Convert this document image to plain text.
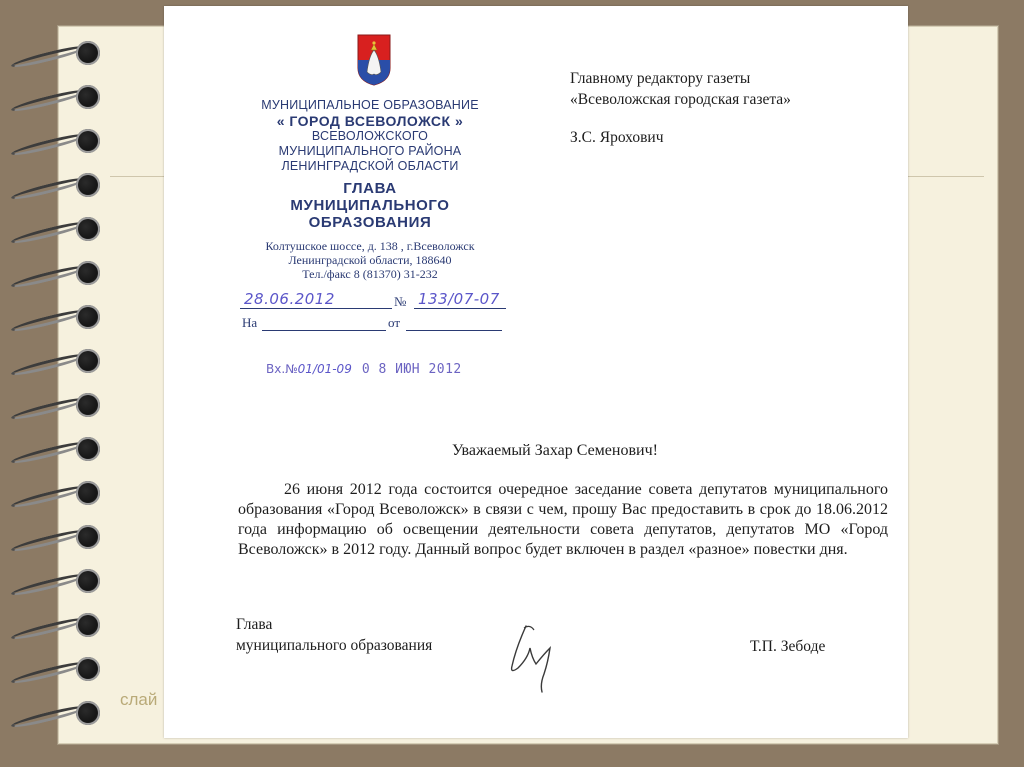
слай
МУНИЦИПАЛЬНОЕ ОБРАЗОВАНИЕ
« ГОРОД ВСЕВОЛОЖСК »
ВСЕВОЛОЖСКОГО
МУНИЦИПАЛЬНОГО РАЙОНА
ЛЕНИНГРАДСКОЙ ОБЛАСТИ
ГЛАВА
МУНИЦИПАЛЬНОГО
ОБРАЗОВАНИЯ
Колтушское шоссе, д. 138 , г.Всеволожск
Ленинградской области, 188640
Тел./факс 8 (81370) 31-232
28.06.2012	№ 133/07-07
На	от
Вх.№01/01-09 0 8 ИЮН 2012
Главному редактору газеты
«Всеволожская городская газета»
З.С. Ярохович
Уважаемый Захар Семенович!

26 июня 2012 года состоится очередное заседание совета депутатов муниципального образования «Город Всеволожск» в связи с чем, прошу Вас предоставить в срок до 18.06.2012 года информацию об освещении деятельности совета депутатов, депутатов МО «Город Всеволожск» в 2012 году. Данный вопрос будет включен в раздел «разное» повестки дня.

Глава
муниципального образования	Т.П. Зебоде
